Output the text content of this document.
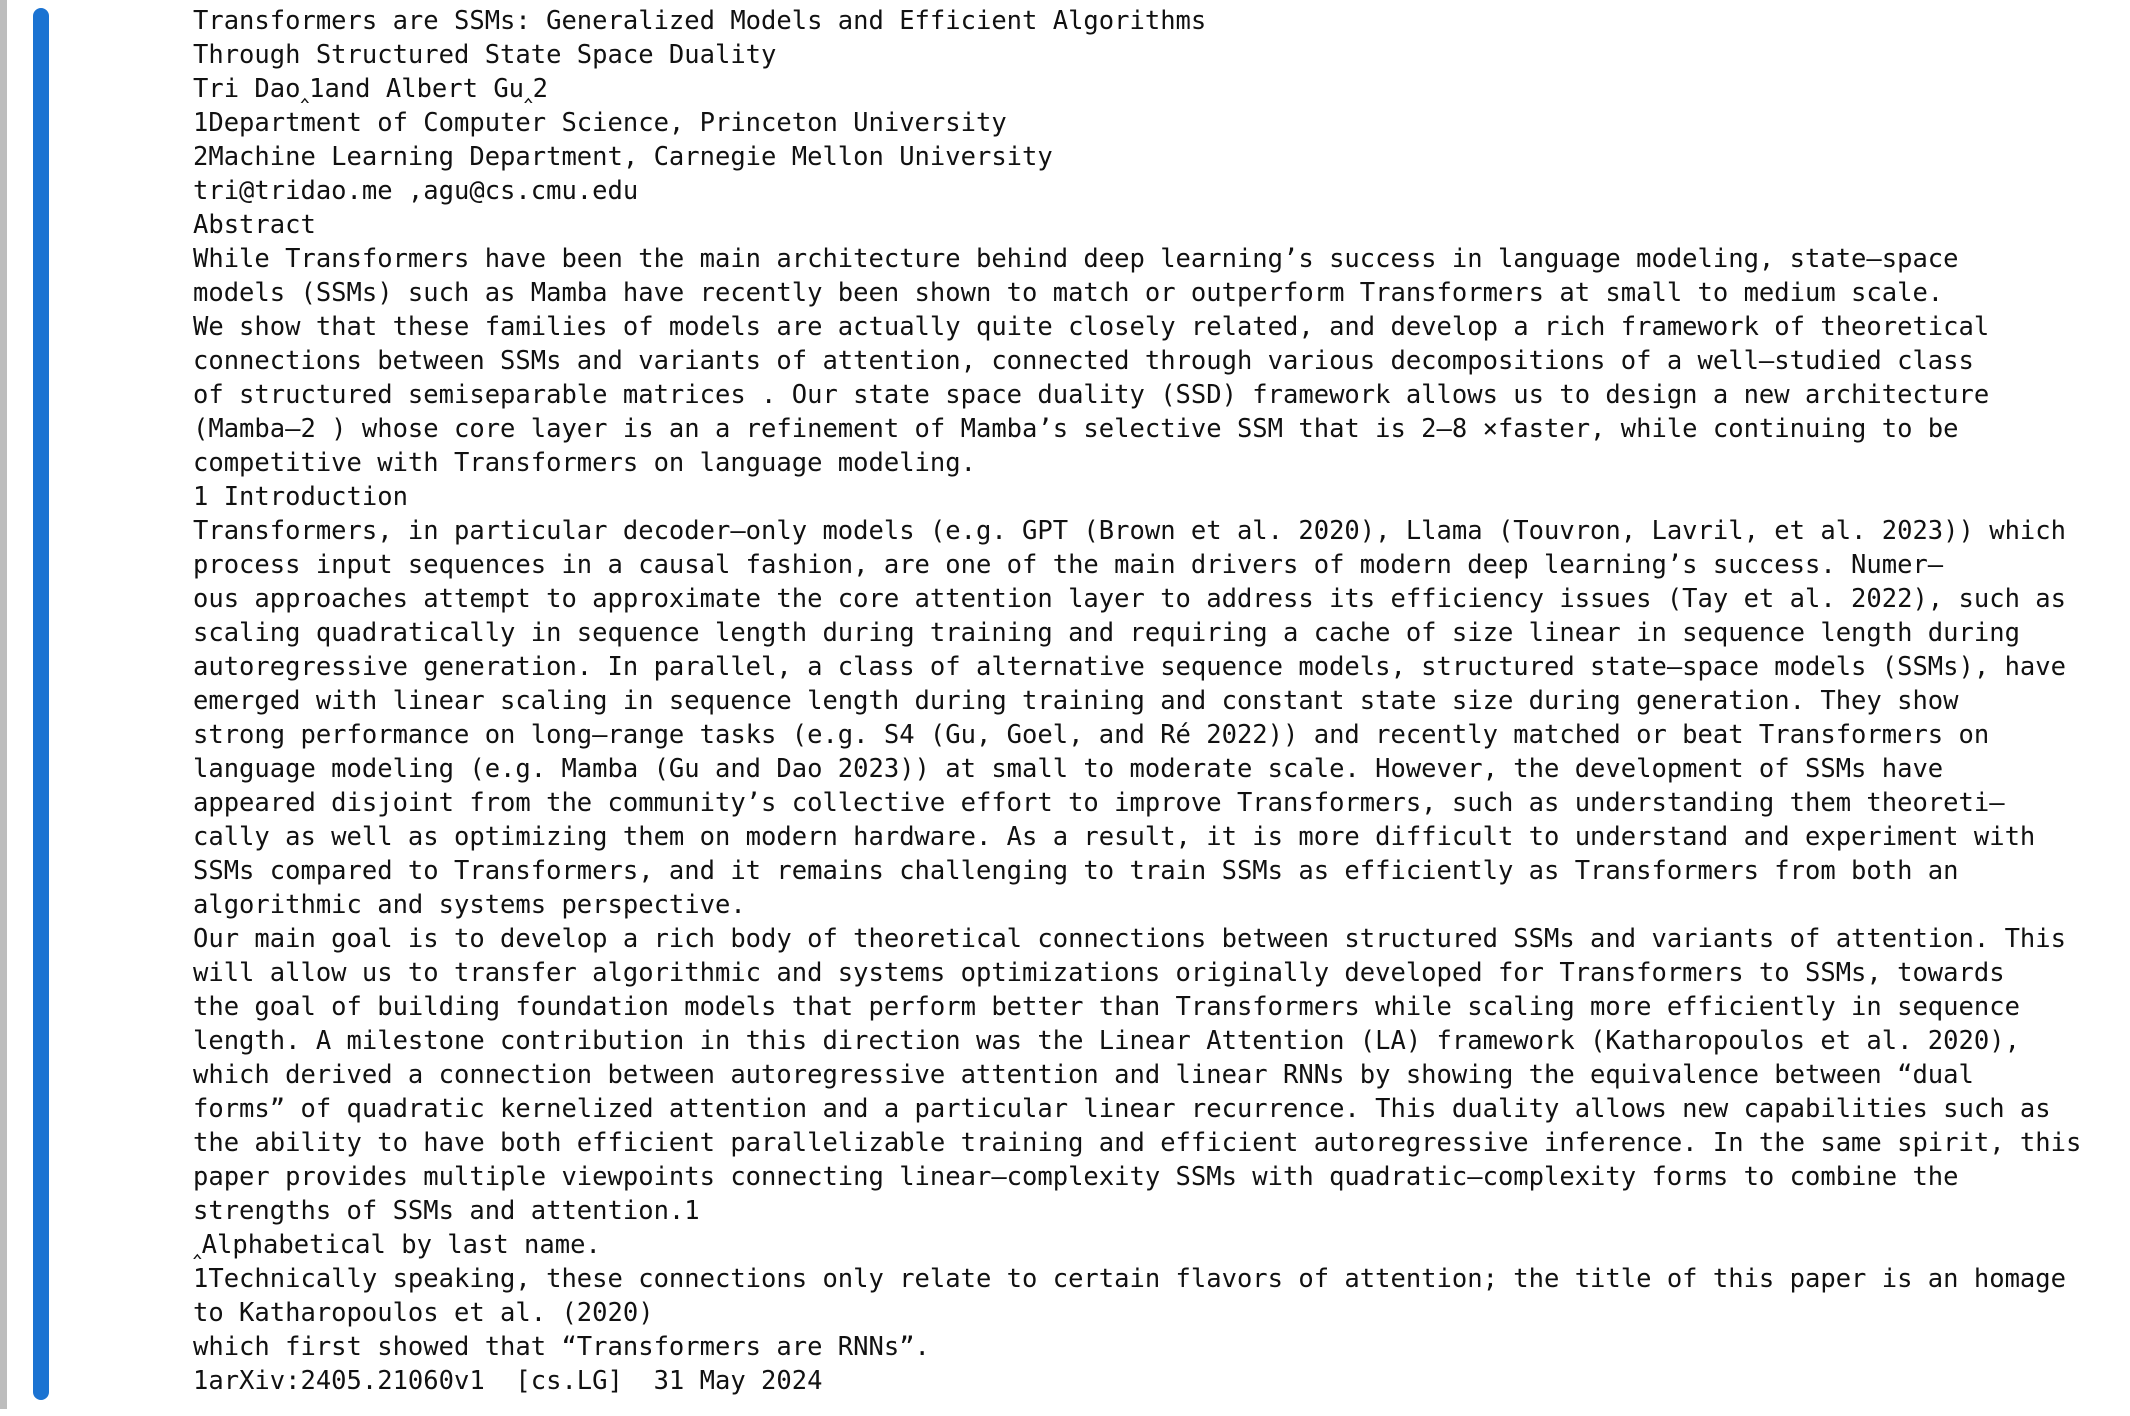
Transformers are SSMs: Generalized Models and Efficient Algorithms
Through Structured State Space Duality
Tri Dao‸1and Albert Gu‸2
1Department of Computer Science, Princeton University
2Machine Learning Department, Carnegie Mellon University
tri@tridao.me ,agu@cs.cmu.edu
Abstract
While Transformers have been the main architecture behind deep learning’s success in language modeling, state–space
models (SSMs) such as Mamba have recently been shown to match or outperform Transformers at small to medium scale.
We show that these families of models are actually quite closely related, and develop a rich framework of theoretical
connections between SSMs and variants of attention, connected through various decompositions of a well–studied class
of structured semiseparable matrices . Our state space duality (SSD) framework allows us to design a new architecture
(Mamba–2 ) whose core layer is an a refinement of Mamba’s selective SSM that is 2–8 ×faster, while continuing to be
competitive with Transformers on language modeling.
1 Introduction
Transformers, in particular decoder–only models (e.g. GPT (Brown et al. 2020), Llama (Touvron, Lavril, et al. 2023)) which
process input sequences in a causal fashion, are one of the main drivers of modern deep learning’s success. Numer–
ous approaches attempt to approximate the core attention layer to address its efficiency issues (Tay et al. 2022), such as
scaling quadratically in sequence length during training and requiring a cache of size linear in sequence length during
autoregressive generation. In parallel, a class of alternative sequence models, structured state–space models (SSMs), have
emerged with linear scaling in sequence length during training and constant state size during generation. They show
strong performance on long–range tasks (e.g. S4 (Gu, Goel, and Ré 2022)) and recently matched or beat Transformers on
language modeling (e.g. Mamba (Gu and Dao 2023)) at small to moderate scale. However, the development of SSMs have
appeared disjoint from the community’s collective effort to improve Transformers, such as understanding them theoreti–
cally as well as optimizing them on modern hardware. As a result, it is more difficult to understand and experiment with
SSMs compared to Transformers, and it remains challenging to train SSMs as efficiently as Transformers from both an
algorithmic and systems perspective.
Our main goal is to develop a rich body of theoretical connections between structured SSMs and variants of attention. This
will allow us to transfer algorithmic and systems optimizations originally developed for Transformers to SSMs, towards
the goal of building foundation models that perform better than Transformers while scaling more efficiently in sequence
length. A milestone contribution in this direction was the Linear Attention (LA) framework (Katharopoulos et al. 2020),
which derived a connection between autoregressive attention and linear RNNs by showing the equivalence between “dual
forms” of quadratic kernelized attention and a particular linear recurrence. This duality allows new capabilities such as
the ability to have both efficient parallelizable training and efficient autoregressive inference. In the same spirit, this
paper provides multiple viewpoints connecting linear–complexity SSMs with quadratic–complexity forms to combine the
strengths of SSMs and attention.1
‸Alphabetical by last name.
1Technically speaking, these connections only relate to certain flavors of attention; the title of this paper is an homage
to Katharopoulos et al. (2020)
which first showed that “Transformers are RNNs”.
1arXiv:2405.21060v1  [cs.LG]  31 May 2024
